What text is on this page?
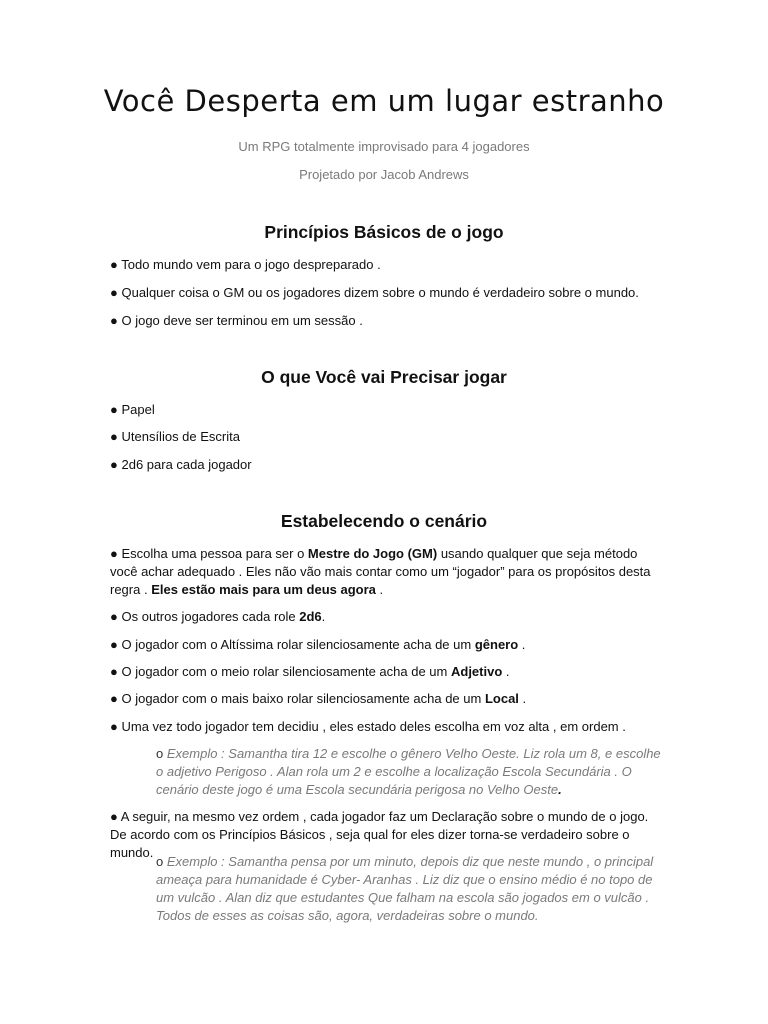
Você Desperta em um lugar estranho
Um RPG totalmente improvisado para 4 jogadores
Projetado por Jacob Andrews
Princípios Básicos de o jogo
● Todo mundo vem para o jogo despreparado .
● Qualquer coisa o GM ou os jogadores dizem sobre o mundo é verdadeiro sobre o mundo.
● O jogo deve ser terminou em um sessão .
O que Você vai Precisar jogar
● Papel
● Utensílios de Escrita
● 2d6 para cada jogador
Estabelecendo o cenário
● Escolha uma pessoa para ser o Mestre do Jogo (GM) usando qualquer que seja método você achar adequado . Eles não vão mais contar como um “jogador” para os propósitos desta regra . Eles estão mais para um deus agora .
● Os outros jogadores cada role 2d6.
● O jogador com o Altíssima rolar silenciosamente acha de um gênero .
● O jogador com o meio rolar silenciosamente acha de um Adjetivo .
● O jogador com o mais baixo rolar silenciosamente acha de um Local .
● Uma vez todo jogador tem decidiu , eles estado deles escolha em voz alta , em ordem .
o Exemplo : Samantha tira 12 e escolhe o gênero Velho Oeste. Liz rola um 8, e escolhe o adjetivo Perigoso . Alan rola um 2 e escolhe a localização Escola Secundária . O cenário deste jogo é uma Escola secundária perigosa no Velho Oeste.
● A seguir, na mesmo vez ordem , cada jogador faz um Declaração sobre o mundo de o jogo. De acordo com os Princípios Básicos , seja qual for eles dizer torna-se verdadeiro sobre o mundo.
o Exemplo : Samantha pensa por um minuto, depois diz que neste mundo , o principal ameaça para humanidade é Cyber- Aranhas . Liz diz que o ensino médio é no topo de um vulcão . Alan diz que estudantes Que falham na escola são jogados em o vulcão . Todos de esses as coisas são, agora, verdadeiras sobre o mundo.
